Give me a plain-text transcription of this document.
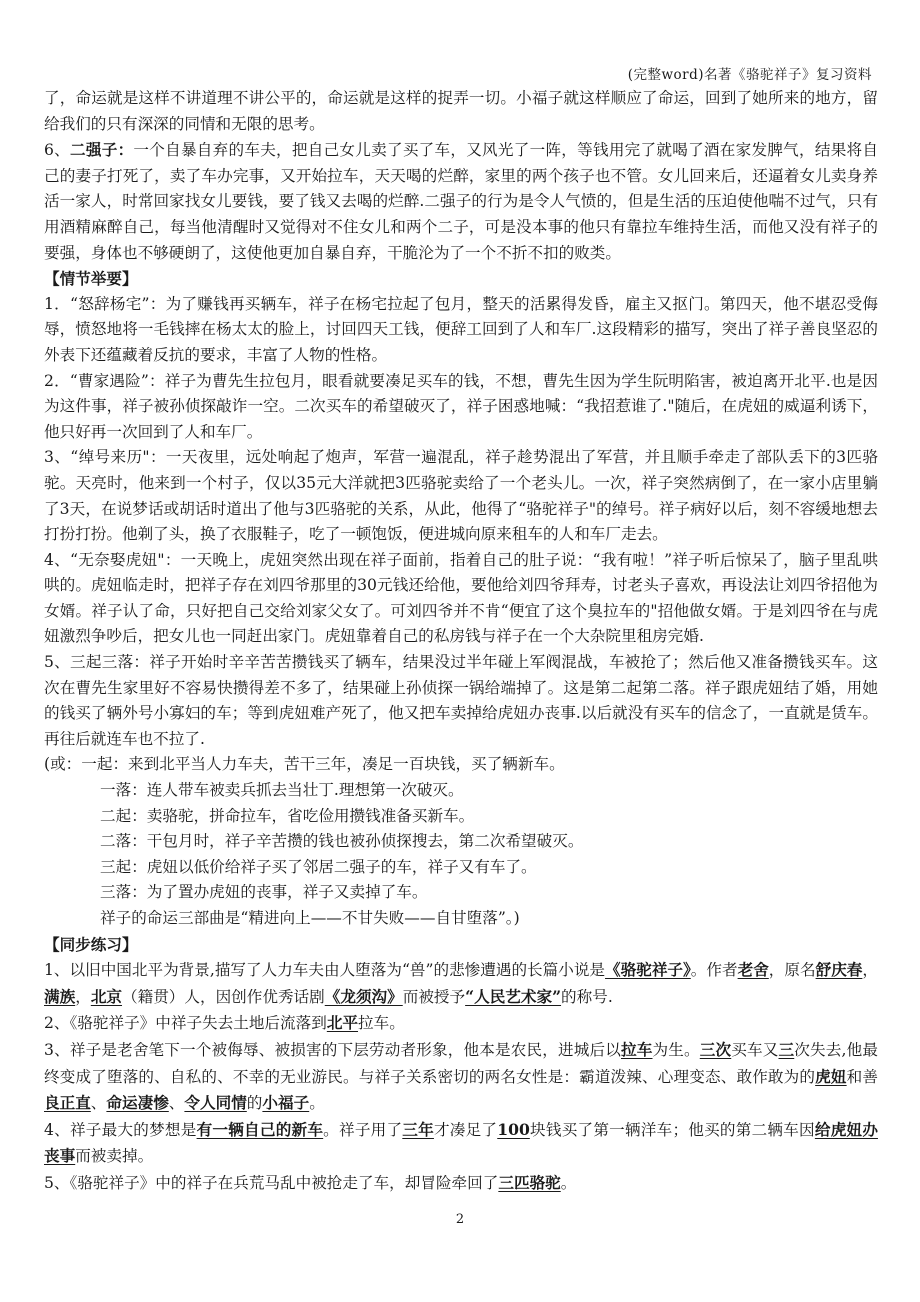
(完整word)名著《骆驼祥子》复习资料

了，命运就是这样不讲道理不讲公平的，命运就是这样的捉弄一切。小福子就这样顺应了命运，回到了她所来的地方，留给我们的只有深深的同情和无限的思考。

6、二强子：一个自暴自弃的车夫，把自己女儿卖了买了车，又风光了一阵，等钱用完了就喝了酒在家发脾气，结果将自己的妻子打死了，卖了车办完事，又开始拉车，天天喝的烂醉，家里的两个孩子也不管。女儿回来后，还逼着女儿卖身养活一家人，时常回家找女儿要钱，要了钱又去喝的烂醉.二强子的行为是令人气愤的，但是生活的压迫使他喘不过气，只有用酒精麻醉自己，每当他清醒时又觉得对不住女儿和两个二子，可是没本事的他只有靠拉车维持生活，而他又没有祥子的要强，身体也不够硬朗了，这使他更加自暴自弃，干脆沦为了一个不折不扣的败类。

【情节举要】

1．“怒辞杨宅”：为了赚钱再买辆车，祥子在杨宅拉起了包月，整天的活累得发昏，雇主又抠门。第四天，他不堪忍受侮辱，愤怒地将一毛钱摔在杨太太的脸上，讨回四天工钱，便辞工回到了人和车厂.这段精彩的描写，突出了祥子善良坚忍的外表下还蕴藏着反抗的要求，丰富了人物的性格。

2．“曹家遇险”：祥子为曹先生拉包月，眼看就要凑足买车的钱，不想，曹先生因为学生阮明陷害，被迫离开北平.也是因为这件事，祥子被孙侦探敲诈一空。二次买车的希望破灭了，祥子困惑地喊：“我招惹谁了."随后，在虎妞的威逼利诱下，他只好再一次回到了人和车厂。

3、“绰号来历"：一天夜里，远处响起了炮声，军营一遍混乱，祥子趁势混出了军营，并且顺手牵走了部队丢下的3匹骆驼。天亮时，他来到一个村子，仅以35元大洋就把3匹骆驼卖给了一个老头儿。一次，祥子突然病倒了，在一家小店里躺了3天，在说梦话或胡话时道出了他与3匹骆驼的关系，从此，他得了“骆驼祥子"的绰号。祥子病好以后，刻不容缓地想去打扮打扮。他剃了头，换了衣服鞋子，吃了一顿饱饭，便进城向原来租车的人和车厂走去。

4、“无奈娶虎妞"：一天晚上，虎妞突然出现在祥子面前，指着自己的肚子说：“我有啦！”祥子听后惊呆了，脑子里乱哄哄的。虎妞临走时，把祥子存在刘四爷那里的30元钱还给他，要他给刘四爷拜寿，讨老头子喜欢，再设法让刘四爷招他为女婿。祥子认了命，只好把自己交给刘家父女了。可刘四爷并不肯“便宜了这个臭拉车的"招他做女婿。于是刘四爷在与虎妞激烈争吵后，把女儿也一同赶出家门。虎妞靠着自己的私房钱与祥子在一个大杂院里租房完婚.

5、三起三落：祥子开始时辛辛苦苦攒钱买了辆车，结果没过半年碰上军阀混战，车被抢了；然后他又准备攒钱买车。这次在曹先生家里好不容易快攒得差不多了，结果碰上孙侦探一锅给端掉了。这是第二起第二落。祥子跟虎妞结了婚，用她的钱买了辆外号小寡妇的车；等到虎妞难产死了，他又把车卖掉给虎妞办丧事.以后就没有买车的信念了，一直就是赁车。再往后就连车也不拉了.

(或：一起：来到北平当人力车夫，苦干三年，凑足一百块钱，买了辆新车。

一落：连人带车被卖兵抓去当壮丁.理想第一次破灭。

二起：卖骆驼，拼命拉车，省吃俭用攒钱准备买新车。

二落：干包月时，祥子辛苦攒的钱也被孙侦探搜去，第二次希望破灭。

三起：虎妞以低价给祥子买了邻居二强子的车，祥子又有车了。

三落：为了置办虎妞的丧事，祥子又卖掉了车。

祥子的命运三部曲是“精进向上——不甘失败——自甘堕落”。)

【同步练习】

1、以旧中国北平为背景,描写了人力车夫由人堕落为“兽”的悲惨遭遇的长篇小说是《骆驼祥子》。作者老舍，原名舒庆春，满族，北京（籍贯）人，因创作优秀话剧《龙须沟》而被授予“人民艺术家”的称号.

2、《骆驼祥子》中祥子失去土地后流落到北平拉车。

3、祥子是老舍笔下一个被侮辱、被损害的下层劳动者形象，他本是农民，进城后以拉车为生。三次买车又三次失去,他最终变成了堕落的、自私的、不幸的无业游民。与祥子关系密切的两名女性是：霸道泼辣、心理变态、敢作敢为的虎妞和善良正直、命运凄惨、令人同情的小福子。

4、祥子最大的梦想是有一辆自己的新车。祥子用了三年才凑足了100块钱买了第一辆洋车；他买的第二辆车因给虎妞办丧事而被卖掉。

5、《骆驼祥子》中的祥子在兵荒马乱中被抢走了车，却冒险牵回了三匹骆驼。

2
